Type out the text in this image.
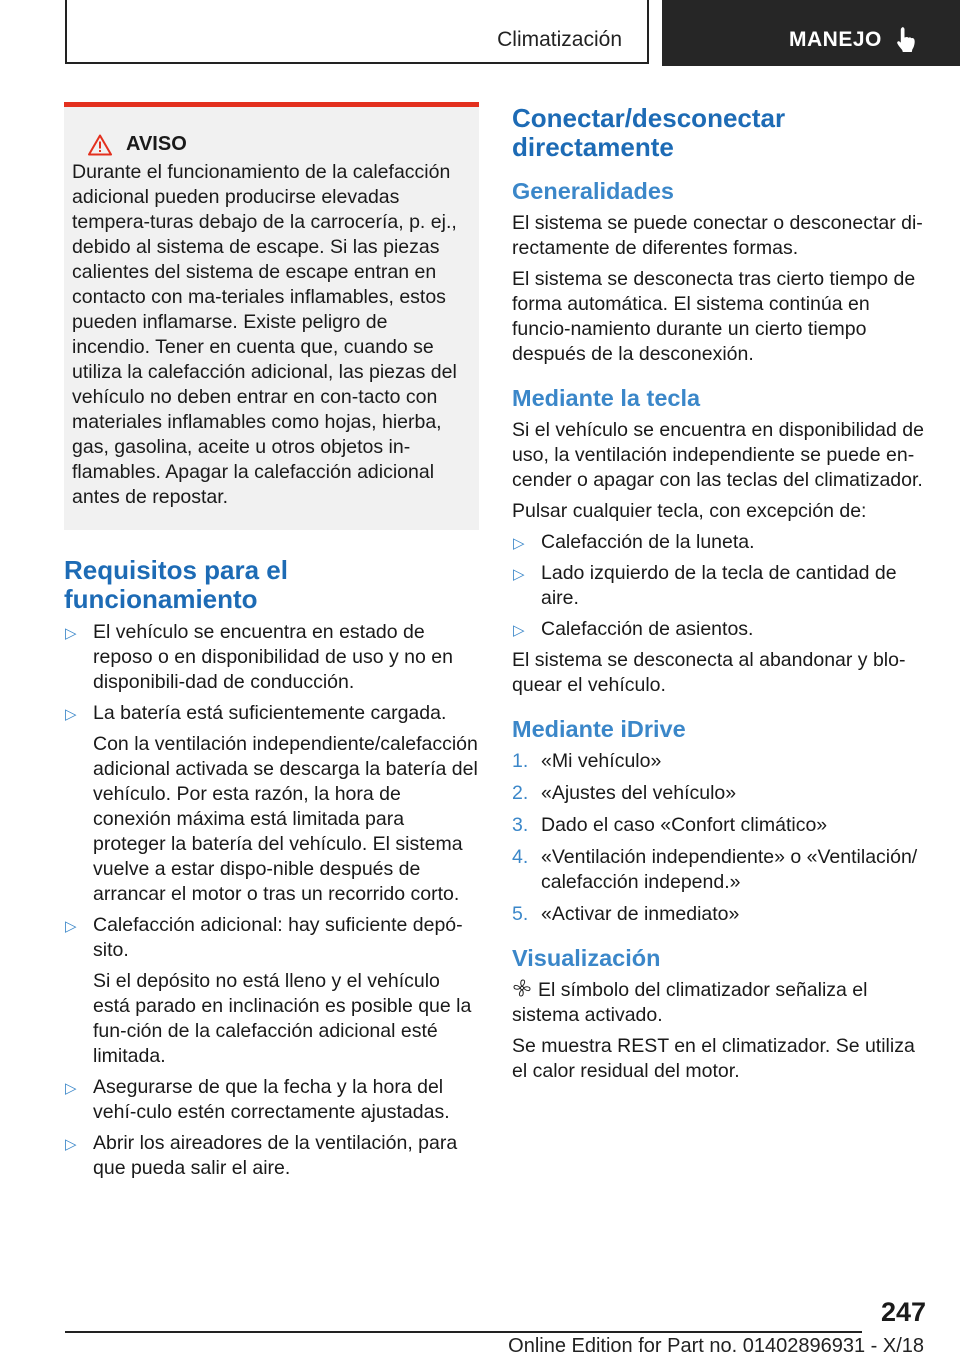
Climatización	MANEJO
AVISO
Durante el funcionamiento de la calefacción adicional pueden producirse elevadas tempera‐turas debajo de la carrocería, p. ej., debido al sistema de escape. Si las piezas calientes del sistema de escape entran en contacto con ma‐teriales inflamables, estos pueden inflamarse. Existe peligro de incendio. Tener en cuenta que, cuando se utiliza la calefacción adicional, las piezas del vehículo no deben entrar en con‐tacto con materiales inflamables como hojas, hierba, gas, gasolina, aceite u otros objetos in‐flamables. Apagar la calefacción adicional antes de repostar.
Requisitos para el funcionamiento
▷ El vehículo se encuentra en estado de reposo o en disponibilidad de uso y no en disponibili‐dad de conducción.
▷ La batería está suficientemente cargada.
Con la ventilación independiente/calefacción adicional activada se descarga la batería del vehículo. Por esta razón, la hora de conexión máxima está limitada para proteger la batería del vehículo. El sistema vuelve a estar dispo‐nible después de arrancar el motor o tras un recorrido corto.
▷ Calefacción adicional: hay suficiente depó‐sito.
Si el depósito no está lleno y el vehículo está parado en inclinación es posible que la fun‐ción de la calefacción adicional esté limitada.
▷ Asegurarse de que la fecha y la hora del vehí‐culo estén correctamente ajustadas.
▷ Abrir los aireadores de la ventilación, para que pueda salir el aire.
Conectar/desconectar directamente
Generalidades

El sistema se puede conectar o desconectar di‐rectamente de diferentes formas.

El sistema se desconecta tras cierto tiempo de forma automática. El sistema continúa en funcio‐namiento durante un cierto tiempo después de la desconexión.

Mediante la tecla

Si el vehículo se encuentra en disponibilidad de uso, la ventilación independiente se puede en‐cender o apagar con las teclas del climatizador.

Pulsar cualquier tecla, con excepción de:

▷ Calefacción de la luneta.
▷ Lado izquierdo de la tecla de cantidad de aire.
▷ Calefacción de asientos.

El sistema se desconecta al abandonar y blo‐quear el vehículo.

Mediante iDrive
1. «Mi vehículo»
2. «Ajustes del vehículo»
3. Dado el caso «Confort climático»
4. «Ventilación independiente» o «Ventilación/ calefacción independ.»
5. «Activar de inmediato»
Visualización

El símbolo del climatizador señaliza el sistema activado.

Se muestra REST en el climatizador. Se utiliza el calor residual del motor.

247
Online Edition for Part no. 01402896931 - X/18
